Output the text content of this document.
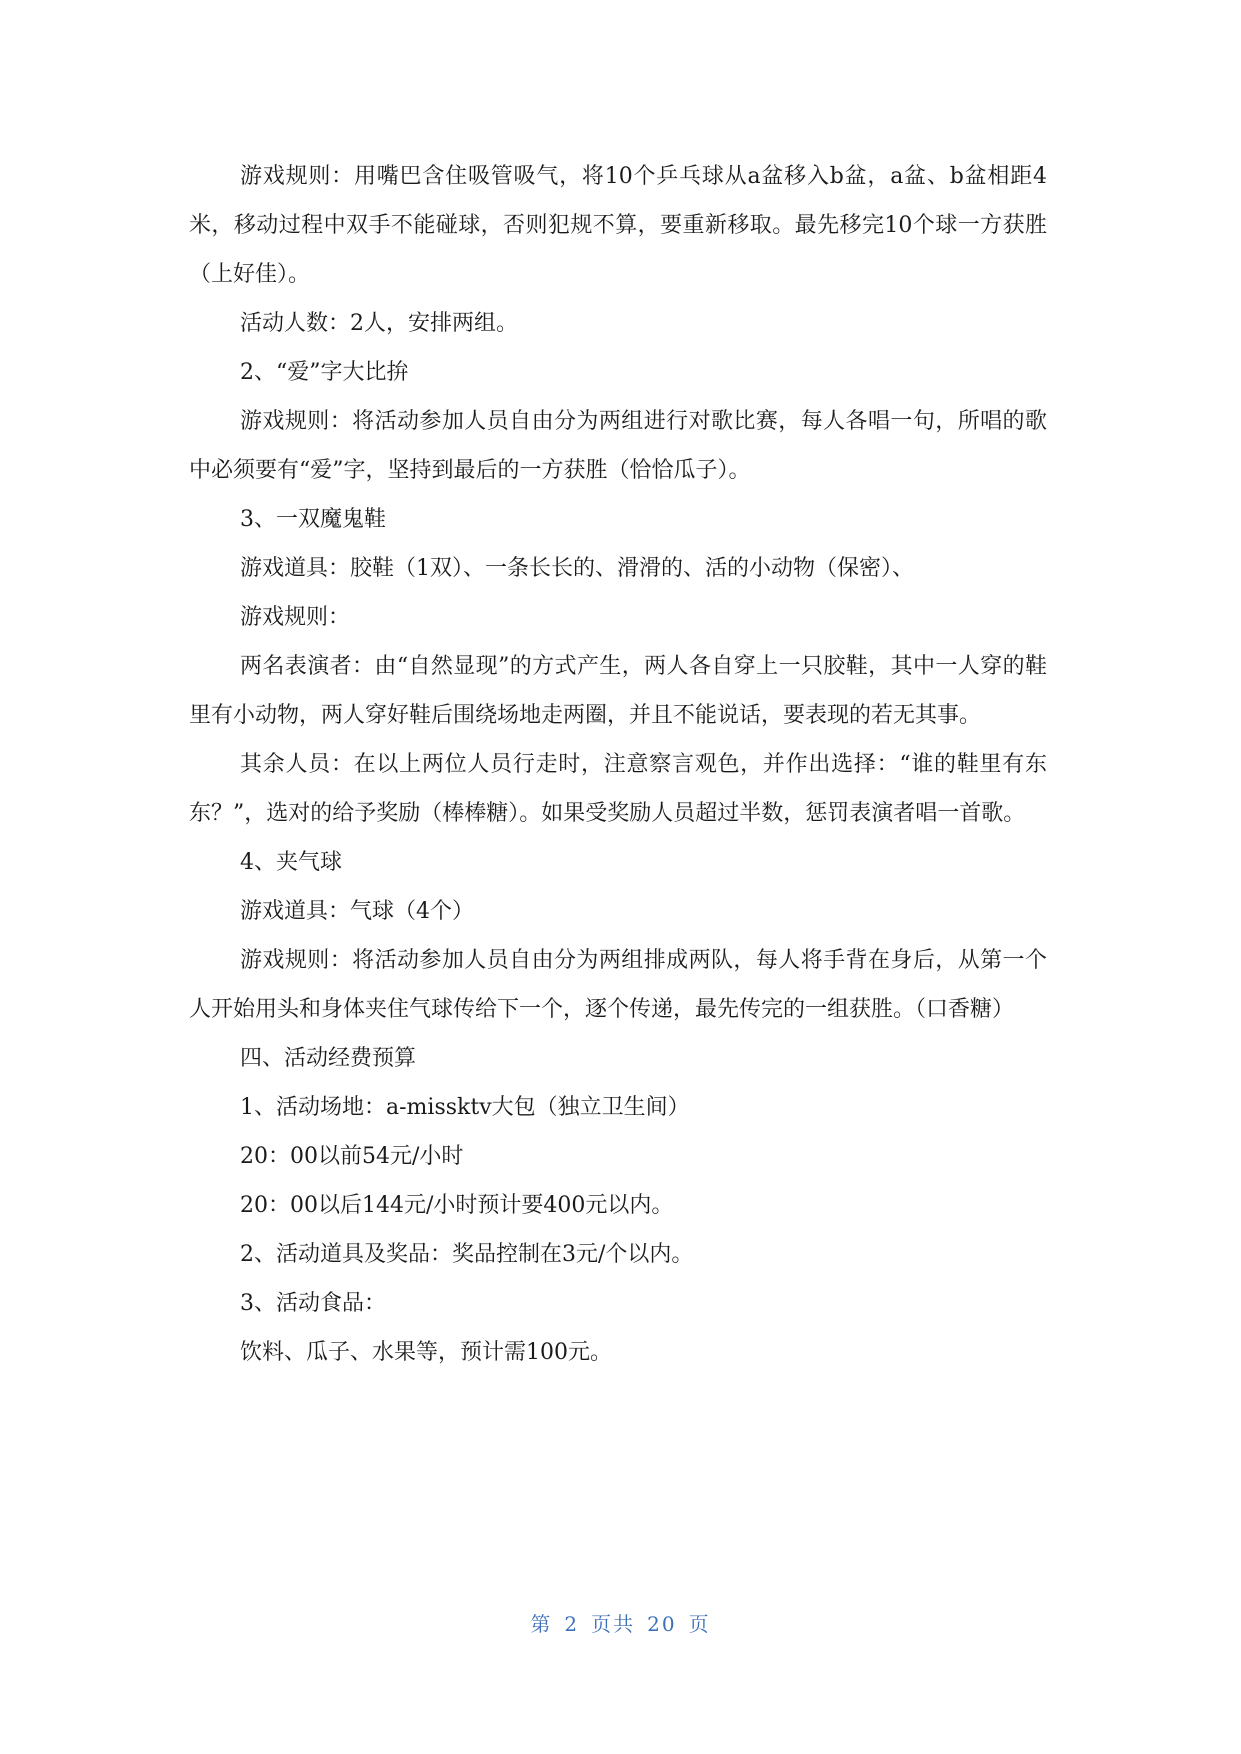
游戏规则：用嘴巴含住吸管吸气，将10个乒乓球从a盆移入b盆，a盆、b盆相距4米，移动过程中双手不能碰球，否则犯规不算，要重新移取。最先移完10个球一方获胜（上好佳）。

活动人数：2人，安排两组。

2、“爱”字大比拚

游戏规则：将活动参加人员自由分为两组进行对歌比赛，每人各唱一句，所唱的歌中必须要有“爱”字，坚持到最后的一方获胜（恰恰瓜子）。

3、一双魔鬼鞋

游戏道具：胶鞋（1双）、一条长长的、滑滑的、活的小动物（保密）、

游戏规则：

两名表演者：由“自然显现”的方式产生，两人各自穿上一只胶鞋，其中一人穿的鞋里有小动物，两人穿好鞋后围绕场地走两圈，并且不能说话，要表现的若无其事。

其余人员：在以上两位人员行走时，注意察言观色，并作出选择：“谁的鞋里有东东？”，选对的给予奖励（棒棒糖）。如果受奖励人员超过半数，惩罚表演者唱一首歌。

4、夹气球

游戏道具：气球（4个）

游戏规则：将活动参加人员自由分为两组排成两队，每人将手背在身后，从第一个人开始用头和身体夹住气球传给下一个，逐个传递，最先传完的一组获胜。（口香糖）

四、活动经费预算

1、活动场地：a-missktv大包（独立卫生间）

20：00以前54元/小时

20：00以后144元/小时预计要400元以内。

2、活动道具及奖品：奖品控制在3元/个以内。

3、活动食品：

饮料、瓜子、水果等，预计需100元。

第 2 页共 20 页
